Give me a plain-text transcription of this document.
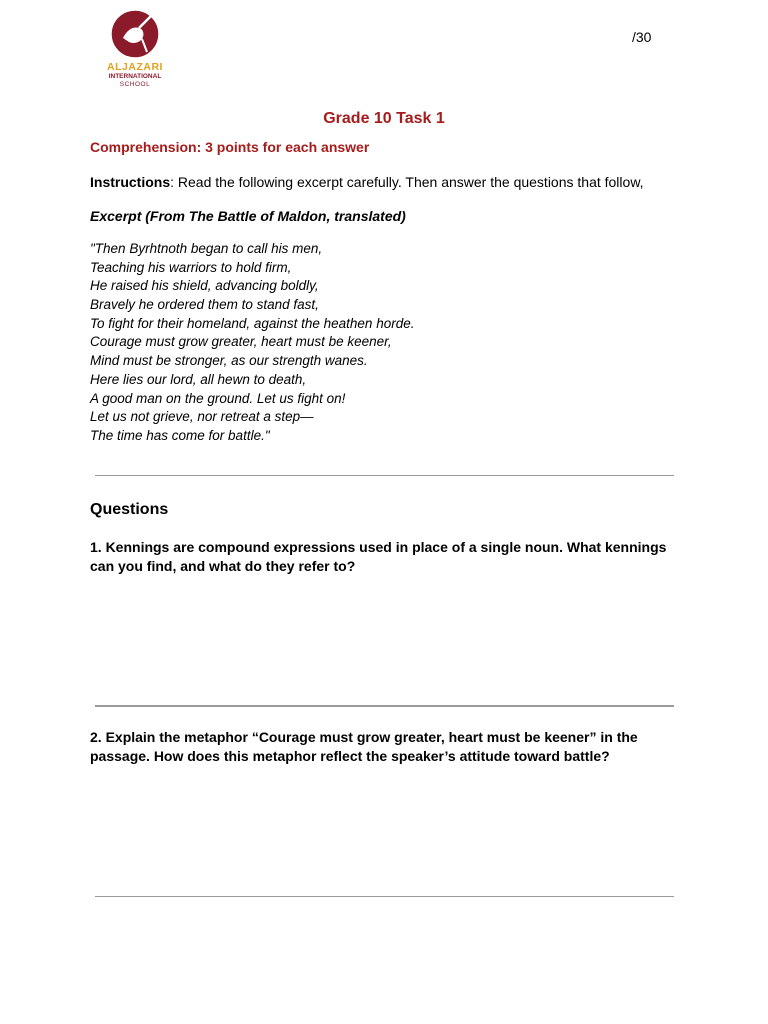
ALJAZARI
INTERNATIONAL
SCHOOL
/30
Grade 10 Task 1
Comprehension: 3 points for each answer
Instructions: Read the following excerpt carefully. Then answer the questions that follow,
Excerpt (From The Battle of Maldon, translated)
"Then Byrhtnoth began to call his men,
Teaching his warriors to hold firm,
He raised his shield, advancing boldly,
Bravely he ordered them to stand fast,
To fight for their homeland, against the heathen horde.
Courage must grow greater, heart must be keener,
Mind must be stronger, as our strength wanes.
Here lies our lord, all hewn to death,
A good man on the ground. Let us fight on!
Let us not grieve, nor retreat a step—
The time has come for battle."
Questions
1. Kennings are compound expressions used in place of a single noun. What kennings can you find, and what do they refer to?
2. Explain the metaphor “Courage must grow greater, heart must be keener” in the passage. How does this metaphor reflect the speaker’s attitude toward battle?
